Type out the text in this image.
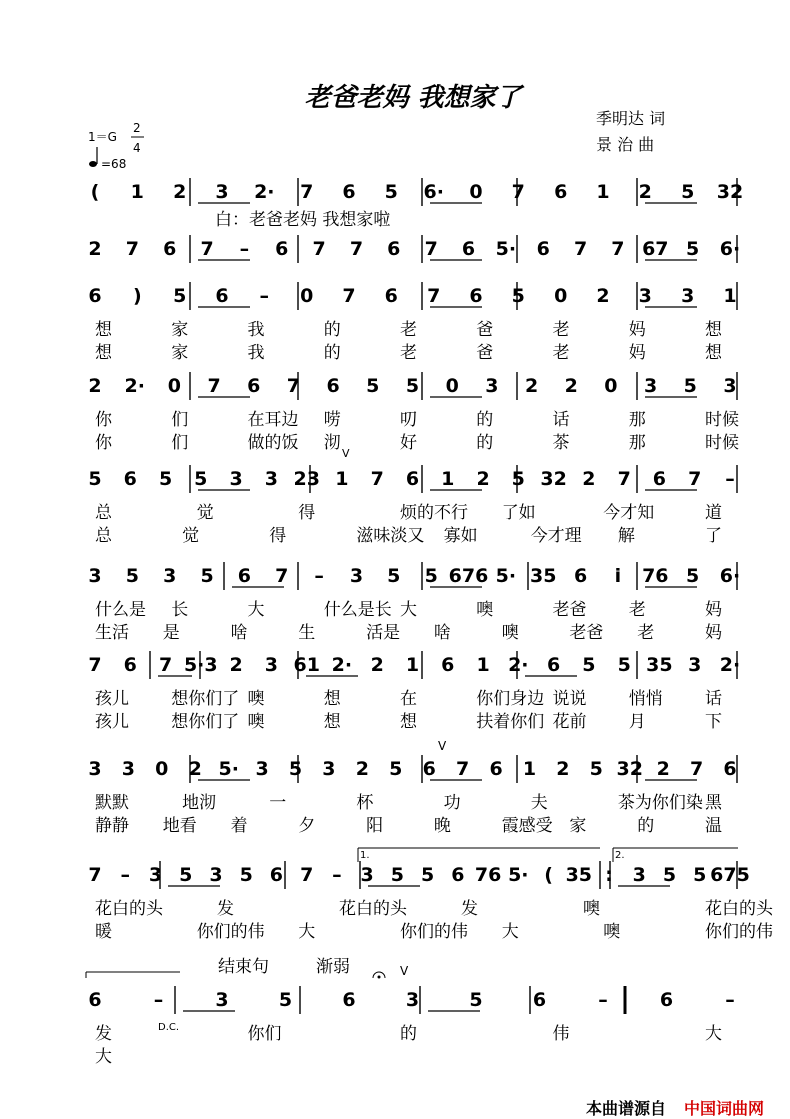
老爸老妈 我想家了
季明达 词
景 治 曲
1＝G
2
4
=68
( 1 2 3 2· 7 6 5 6· 0 7 6 1 2 5 32
白：老爸老妈 我想家啦
2 7 6 7 – 6 7 7 6 7 6 5· 6 7 7 67 5 6·
6 ) 5 6 – 0 7 6 7 6 5 0 2 3 3 1
想	家	我	的	老	爸	老	妈	想
想	家	我	的	老	爸	老	妈	想
2 2· 0 7 6 7 6 5 5 0 3 2 2 0 3 5 3
你	们	在耳边 唠	叨	的	话	那	时候
你	们	做的饭 沏	好	的	茶	那	时候
5 6 5 5 3 3 23 1 7 6 1 2 5 32 2 7 6 7 –
总	觉	得	烦的不行 了如	今才知	道
总	觉	得	滋味淡又 寡如	今才理 解	了
3 5 3 5 6 7 – 3 5 5 676 5· 35 6 i 76 5 6·
什么是 长	大	什么是长 大	噢	老爸 老	妈
生活 是	啥	生	活是 啥	噢	老爸 老	妈
7 6 7 5·3 2 3 61 2· 2 1 6 1 2· 6 5 5 35 3 2·
孩儿 想你们了 噢	想	在	你们身边 说说 悄悄 话
孩儿 想你们了 噢	想	想	扶着你们 花前 月	下
3 3 0 2 5· 3 5 3 2 5 6 7 6 1 2 5 32 2 7 6
默默	地沏	一	杯	功	夫	茶为你们染 黑
静静 地看 着	夕	阳	晚	霞感受 家	的	温
7 – 3 5 3 5 6 7 – 3 5 5 6 76 5· ( 35 : 3 5 5 675
花白的头	发	花白的头	发	噢	花白的头
暖	你们的伟 大	你们的伟 大	噢	你们的伟
6	–	3	5	6	3	5	6	–	6	–
发	你们	的	伟	大
大
结束句	渐弱
D.C.
1.	2.
V
V
V
本曲谱源自 中国词曲网
